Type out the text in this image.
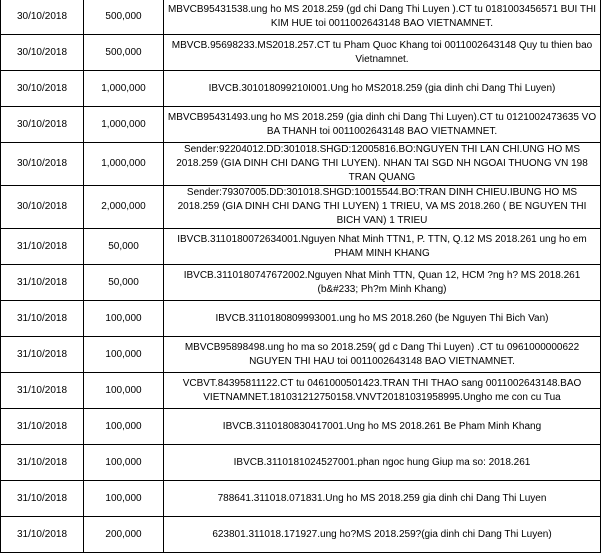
30/10/2018	500,000	MBVCB95431538.ung ho MS 2018.259 (gd chi Dang Thi Luyen ).CT tu 0181003456571 BUI THI KIM HUE toi 0011002643148 BAO VIETNAMNET.
30/10/2018	500,000	MBVCB.95698233.MS2018.257.CT tu Pham Quoc Khang toi 0011002643148 Quy tu thien bao Vietnamnet.
30/10/2018	1,000,000	IBVCB.301018099210I001.Ung ho MS2018.259 (gia dinh chi Dang Thi Luyen)
30/10/2018	1,000,000	MBVCB95431493.ung ho MS 2018.259 (gia dinh chi Dang Thi Luyen).CT tu 0121002473635 VO BA THANH toi 0011002643148 BAO VIETNAMNET.
30/10/2018	1,000,000	Sender:92204012.DD:301018.SHGD:12005816.BO:NGUYEN THI LAN CHI.UNG HO MS 2018.259 (GIA DINH CHI DANG THI LUYEN). NHAN TAI SGD NH NGOAI THUONG VN 198 TRAN QUANG
30/10/2018	2,000,000	Sender:79307005.DD:301018.SHGD:10015544.BO:TRAN DINH CHIEU.IBUNG HO MS 2018.259 (GIA DINH CHI DANG THI LUYEN) 1 TRIEU, VA MS 2018.260 ( BE NGUYEN THI BICH VAN) 1 TRIEU
31/10/2018	50,000	IBVCB.3110180072634001.Nguyen Nhat Minh TTN1, P. TTN, Q.12 MS 2018.261 ung ho em PHAM MINH KHANG
31/10/2018	50,000	IBVCB.3110180747672002.Nguyen Nhat Minh TTN, Quan 12, HCM ?ng h? MS 2018.261 (b&#233; Ph?m Minh Khang)
31/10/2018	100,000	IBVCB.3110180809993001.ung ho MS 2018.260 (be Nguyen Thi Bich Van)
31/10/2018	100,000	MBVCB95898498.ung ho ma so 2018.259( gd c Dang Thi Luyen) .CT tu 0961000000622 NGUYEN THI HAU toi 0011002643148 BAO VIETNAMNET.
31/10/2018	100,000	VCBVT.84395811122.CT tu 0461000501423.TRAN THI THAO sang 0011002643148.BAO VIETNAMNET.181031212750158.VNVT20181031958995.Ungho me con cu Tua
31/10/2018	100,000	IBVCB.3110180830417001.Ung ho MS 2018.261 Be Pham Minh Khang
31/10/2018	100,000	IBVCB.3110181024527001.phan ngoc hung Giup ma so: 2018.261
31/10/2018	100,000	788641.311018.071831.Ung ho MS 2018.259 gia dinh chi Dang Thi Luyen
31/10/2018	200,000	623801.311018.171927.ung ho?MS 2018.259?(gia dinh chi Dang Thi Luyen)
